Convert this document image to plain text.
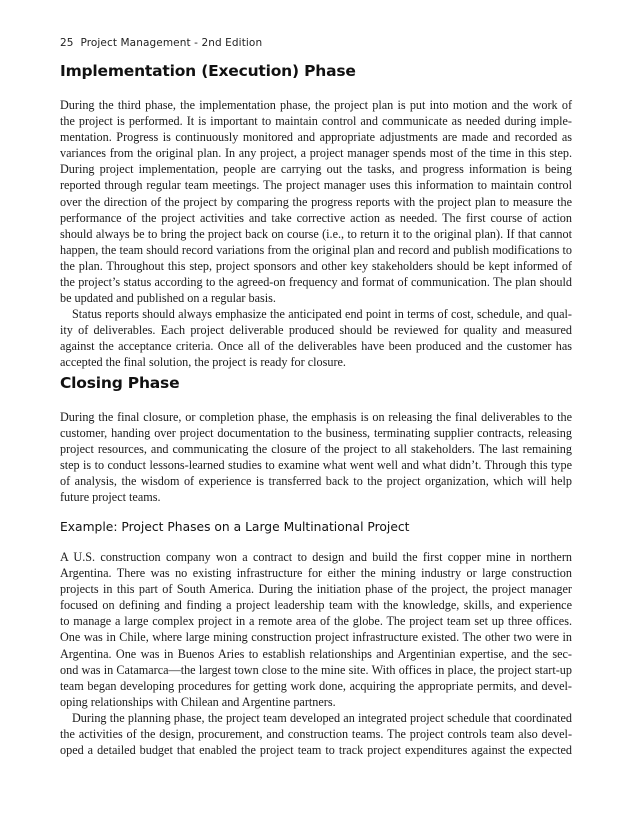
25 Project Management - 2nd Edition
Implementation (Execution) Phase
During the third phase, the implementation phase, the project plan is put into motion and the work of
the project is performed. It is important to maintain control and communicate as needed during imple-
mentation. Progress is continuously monitored and appropriate adjustments are made and recorded as
variances from the original plan. In any project, a project manager spends most of the time in this step.
During project implementation, people are carrying out the tasks, and progress information is being
reported through regular team meetings. The project manager uses this information to maintain control
over the direction of the project by comparing the progress reports with the project plan to measure the
performance of the project activities and take corrective action as needed. The first course of action
should always be to bring the project back on course (i.e., to return it to the original plan). If that cannot
happen, the team should record variations from the original plan and record and publish modifications to
the plan. Throughout this step, project sponsors and other key stakeholders should be kept informed of
the project’s status according to the agreed-on frequency and format of communication. The plan should
be updated and published on a regular basis.
Status reports should always emphasize the anticipated end point in terms of cost, schedule, and qual-
ity of deliverables. Each project deliverable produced should be reviewed for quality and measured
against the acceptance criteria. Once all of the deliverables have been produced and the customer has
accepted the final solution, the project is ready for closure.
Closing Phase
During the final closure, or completion phase, the emphasis is on releasing the final deliverables to the
customer, handing over project documentation to the business, terminating supplier contracts, releasing
project resources, and communicating the closure of the project to all stakeholders. The last remaining
step is to conduct lessons-learned studies to examine what went well and what didn’t. Through this type
of analysis, the wisdom of experience is transferred back to the project organization, which will help
future project teams.
Example: Project Phases on a Large Multinational Project
A U.S. construction company won a contract to design and build the first copper mine in northern
Argentina. There was no existing infrastructure for either the mining industry or large construction
projects in this part of South America. During the initiation phase of the project, the project manager
focused on defining and finding a project leadership team with the knowledge, skills, and experience
to manage a large complex project in a remote area of the globe. The project team set up three offices.
One was in Chile, where large mining construction project infrastructure existed. The other two were in
Argentina. One was in Buenos Aries to establish relationships and Argentinian expertise, and the sec-
ond was in Catamarca—the largest town close to the mine site. With offices in place, the project start-up
team began developing procedures for getting work done, acquiring the appropriate permits, and devel-
oping relationships with Chilean and Argentine partners.
During the planning phase, the project team developed an integrated project schedule that coordinated
the activities of the design, procurement, and construction teams. The project controls team also devel-
oped a detailed budget that enabled the project team to track project expenditures against the expected
